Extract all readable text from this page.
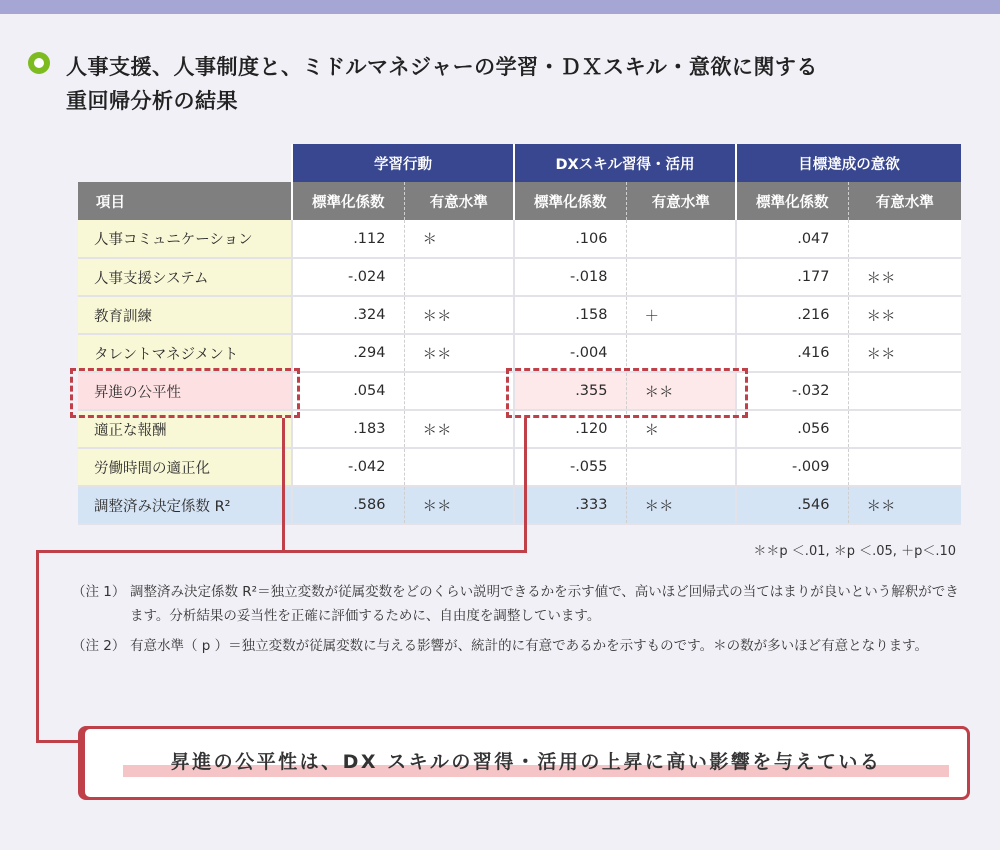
人事支援、人事制度と、ミドルマネジャーの学習・ＤＸスキル・意欲に関する
重回帰分析の結果
	学習行動		DXスキル習得・活用		目標達成の意欲	
項目	標準化係数	有意水準	標準化係数	有意水準	標準化係数	有意水準
人事コミュニケーション	.112	＊	.106		.047	
人事支援システム	-.024		-.018		.177	＊＊
教育訓練	.324	＊＊	.158	＋	.216	＊＊
タレントマネジメント	.294	＊＊	-.004		.416	＊＊
昇進の公平性	.054		.355	＊＊	-.032	
適正な報酬	.183	＊＊	.120	＊	.056	
労働時間の適正化	-.042		-.055		-.009	
調整済み決定係数 R²	.586	＊＊	.333	＊＊	.546	＊＊
＊＊p ＜.01, ＊p ＜.05, ＋p＜.10
（注 1） 調整済み決定係数 R²＝独立変数が従属変数をどのくらい説明できるかを示す値で、高いほど回帰式の当てはまりが良いという解釈ができます。分析結果の妥当性を正確に評価するために、自由度を調整しています。
（注 2） 有意水準（ p ）＝独立変数が従属変数に与える影響が、統計的に有意であるかを示すものです。＊の数が多いほど有意となります。
昇進の公平性は、DX スキルの習得・活用の上昇に高い影響を与えている
